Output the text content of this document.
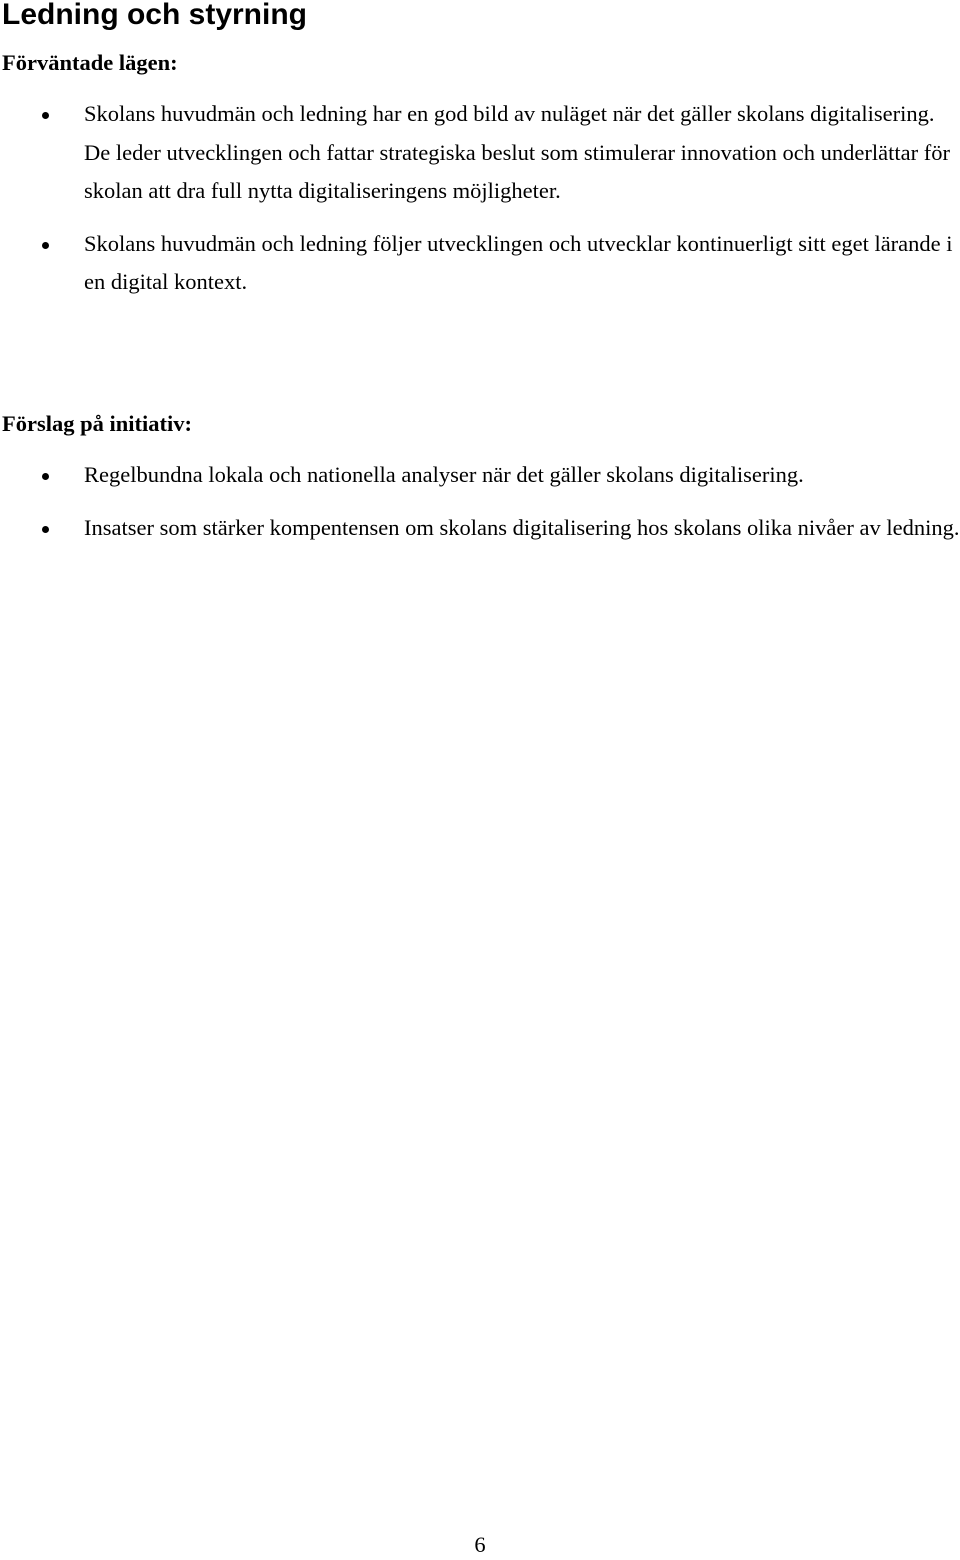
Ledning och styrning
Förväntade lägen:
Skolans huvudmän och ledning har en god bild av nuläget när det gäller skolans digitalisering. De leder utvecklingen och fattar strategiska beslut som stimulerar innovation och underlättar för skolan att dra full nytta digitaliseringens möjligheter.
Skolans huvudmän och ledning följer utvecklingen och utvecklar kontinuerligt sitt eget lärande i en digital kontext.
Förslag på initiativ:
Regelbundna lokala och nationella analyser när det gäller skolans digitalisering.
Insatser som stärker kompentensen om skolans digitalisering hos skolans olika nivåer av ledning.
6
